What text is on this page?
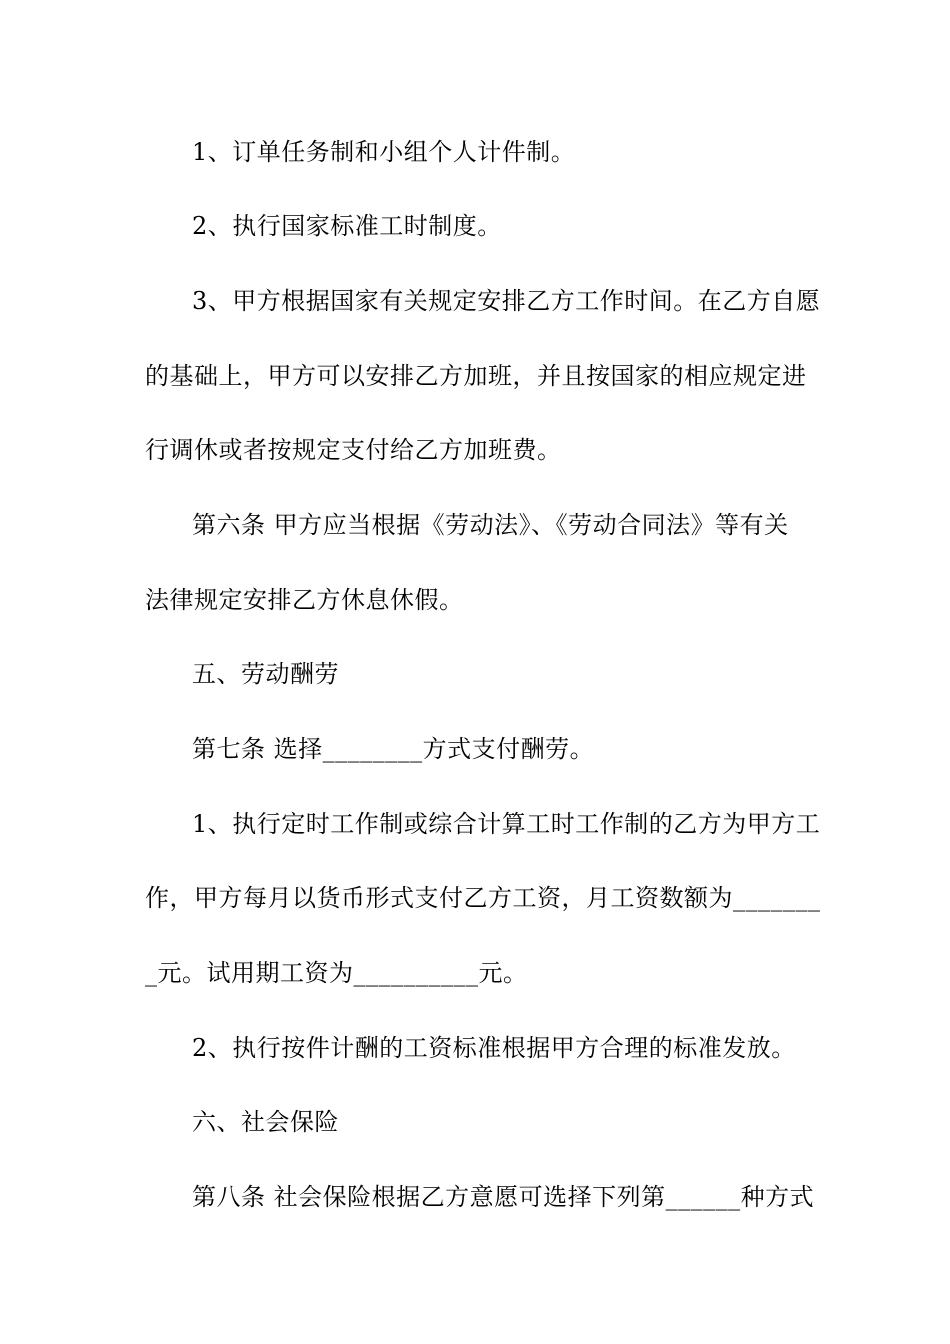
1、订单任务制和小组个人计件制。
2、执行国家标准工时制度。
3、甲方根据国家有关规定安排乙方工作时间。在乙方自愿
的基础上，甲方可以安排乙方加班，并且按国家的相应规定进
行调休或者按规定支付给乙方加班费。
第六条 甲方应当根据《劳动法》、《劳动合同法》等有关
法律规定安排乙方休息休假。
五、劳动酬劳
第七条 选择________方式支付酬劳。
1、执行定时工作制或综合计算工时工作制的乙方为甲方工
作，甲方每月以货币形式支付乙方工资，月工资数额为_______
_元。试用期工资为__________元。
2、执行按件计酬的工资标准根据甲方合理的标准发放。
六、社会保险
第八条 社会保险根据乙方意愿可选择下列第______种方式
